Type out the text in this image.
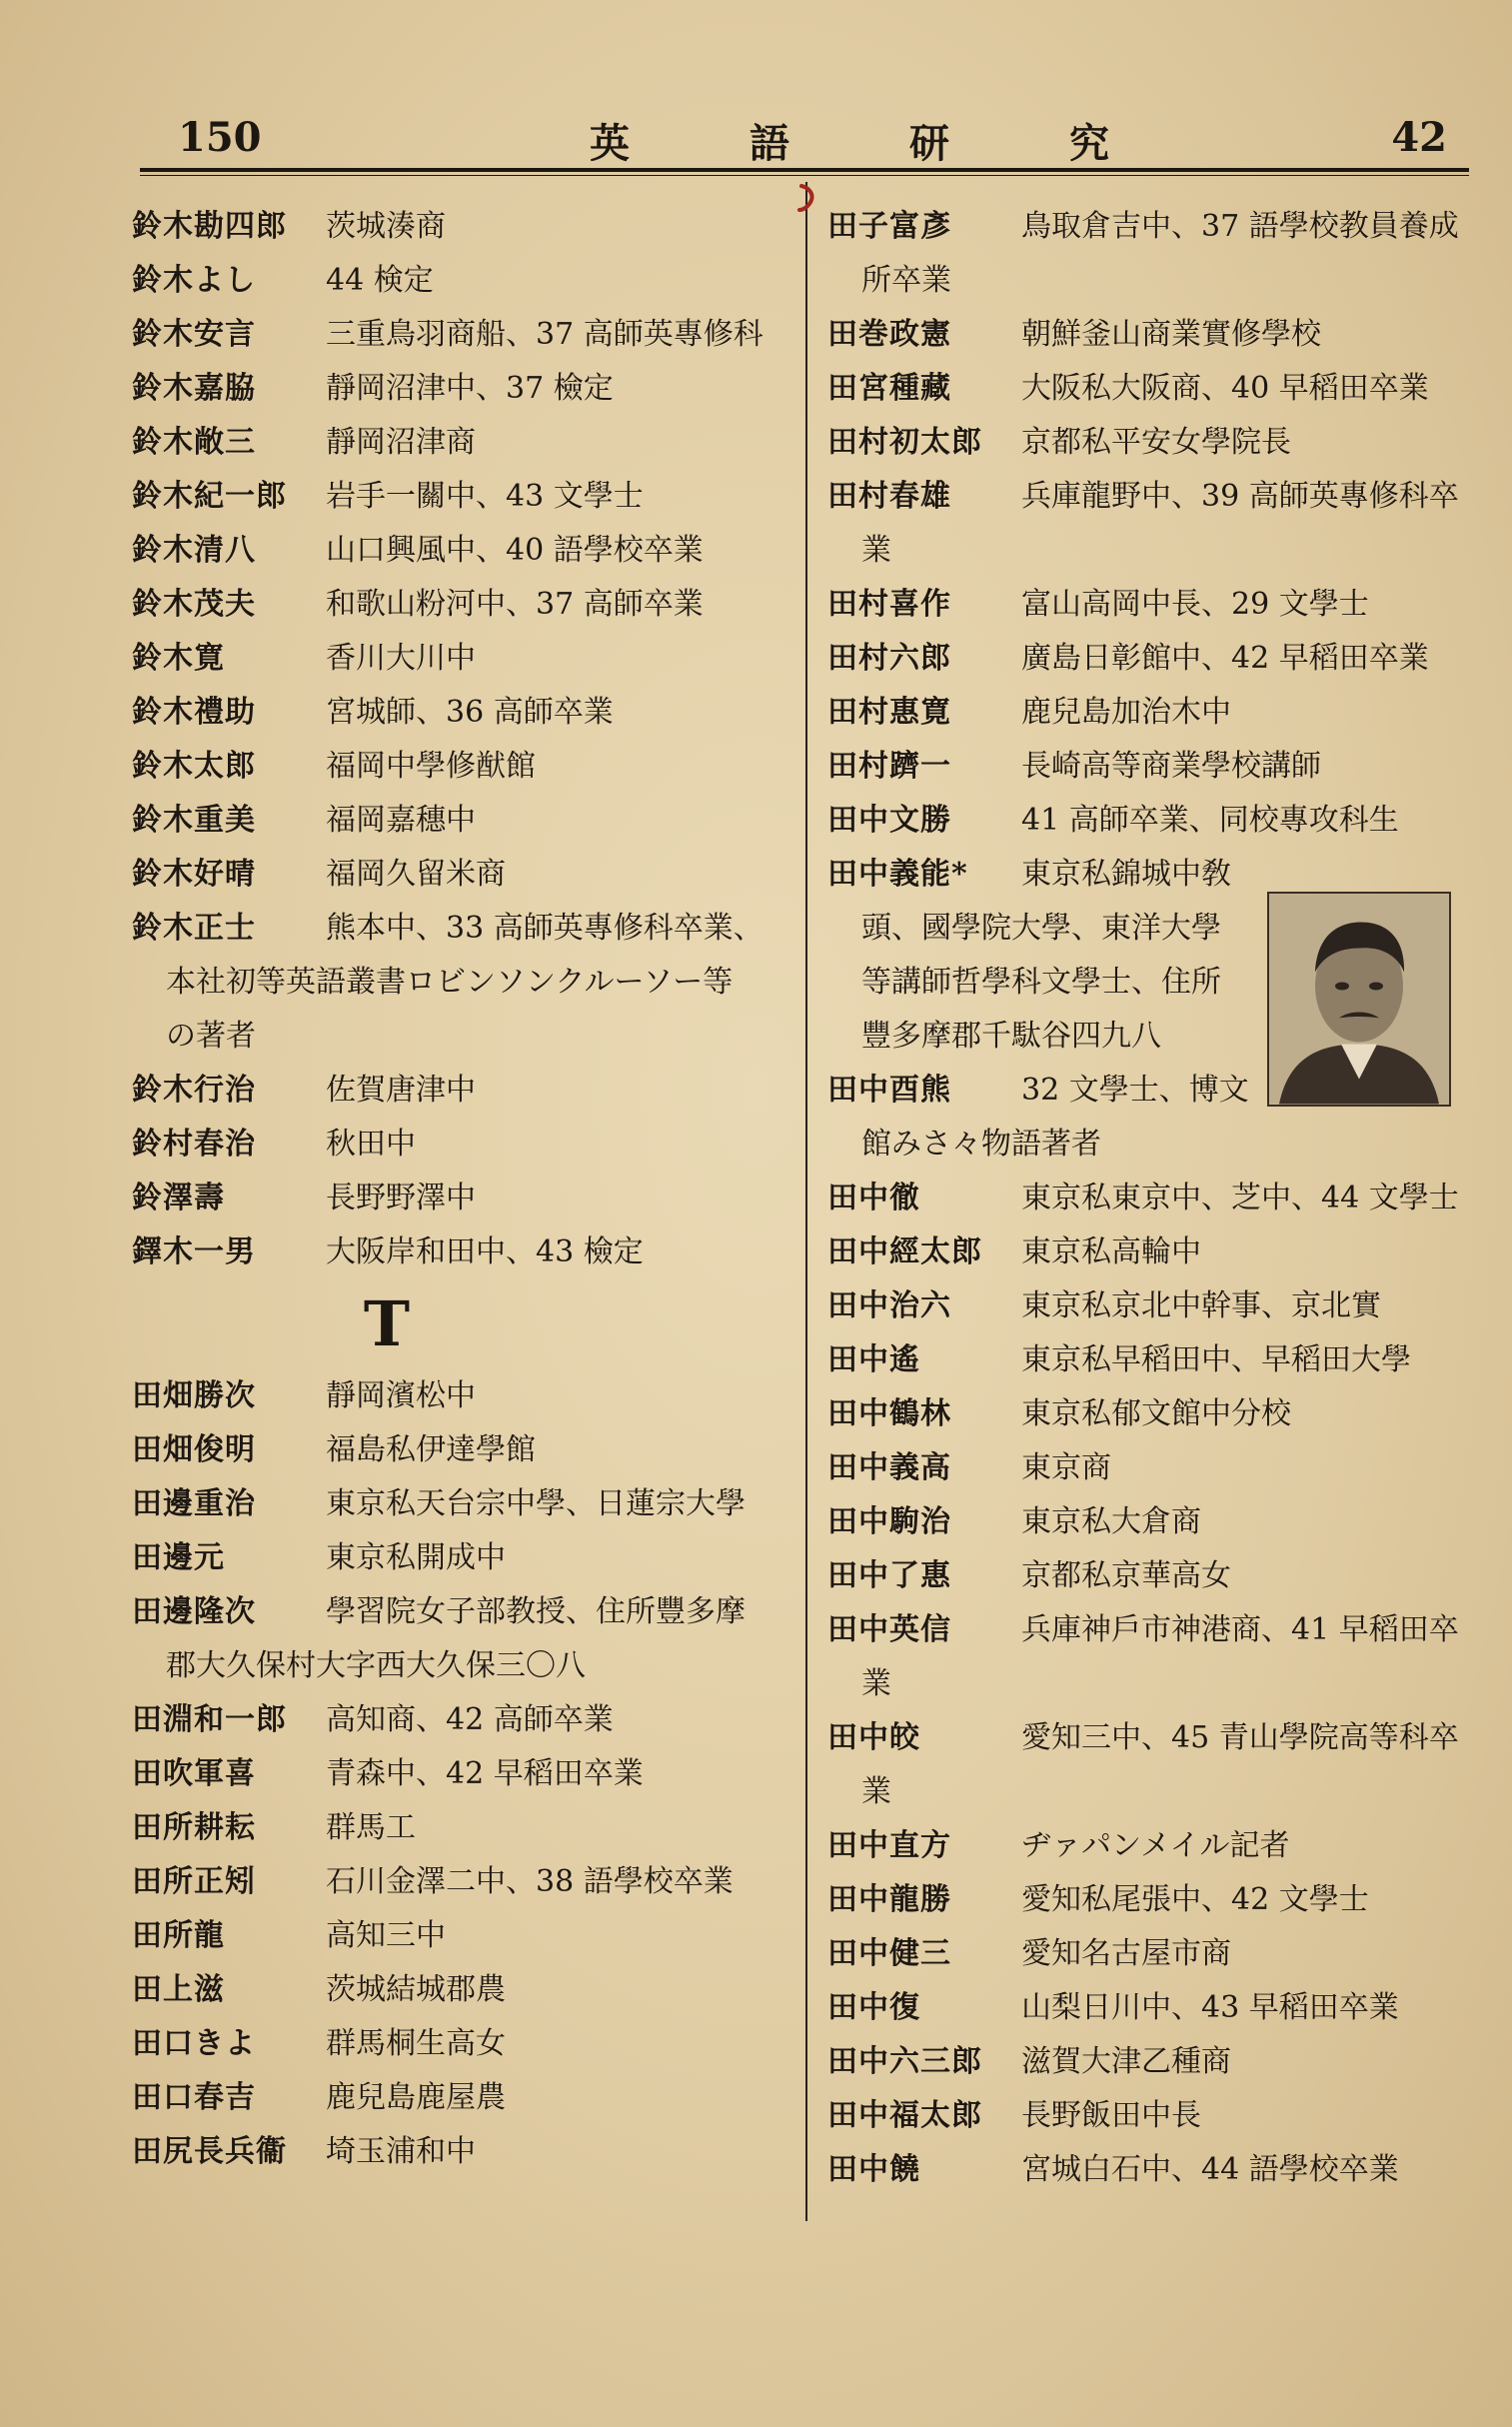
150	英	語	研	究	42
鈴木勘四郎 茨城湊商
鈴木よし 44 検定
鈴木安言 三重鳥羽商船、37 高師英專修科
鈴木嘉脇 靜岡沼津中、37 檢定
鈴木敞三 靜岡沼津商
鈴木紀一郎 岩手一關中、43 文學士
鈴木清八 山口興風中、40 語學校卒業
鈴木茂夫 和歌山粉河中、37 高師卒業
鈴木寛	香川大川中
鈴木禮助 宮城師、36 高師卒業
鈴木太郎 福岡中學修猷館
鈴木重美 福岡嘉穗中
鈴木好晴 福岡久留米商
鈴木正士 熊本中、33 高師英專修科卒業、
本社初等英語叢書ロビンソンクルーソー等
の著者
鈴木行治 佐賀唐津中
鈴村春治 秋田中
鈴澤壽	長野野澤中
鐸木一男 大阪岸和田中、43 檢定
T
田畑勝次 靜岡濱松中
田畑俊明 福島私伊達學館
田邊重治 東京私天台宗中學、日蓮宗大學
田邊元	東京私開成中
田邊隆次 學習院女子部教授、住所豐多摩
郡大久保村大字西大久保三〇八
田淵和一郎 高知商、42 高師卒業
田吹軍喜 青森中、42 早稻田卒業
田所耕耘 群馬工
田所正矧 石川金澤二中、38 語學校卒業
田所龍	高知三中
田上滋	茨城結城郡農
田口きよ 群馬桐生高女
田口春吉 鹿兒島鹿屋農
田尻長兵衞 埼玉浦和中
田子富彥 鳥取倉吉中、37 語學校教員養成
所卒業
田巻政憲 朝鮮釜山商業實修學校
田宮種藏 大阪私大阪商、40 早稻田卒業
田村初太郎 京都私平安女學院長
田村春雄 兵庫龍野中、39 高師英專修科卒
業
田村喜作 富山高岡中長、29 文學士
田村六郎 廣島日彰館中、42 早稻田卒業
田村惠寛 鹿兒島加治木中
田村躋一 長崎高等商業學校講師
田中文勝 41 高師卒業、同校專攻科生
田中義能* 東京私錦城中敎
頭、國學院大學、東洋大學
等講師哲學科文學士、住所
豐多摩郡千駄谷四九八
田中酉熊 32 文學士、博文
館みさ々物語著者
田中徹	東京私東京中、芝中、44 文學士
田中經太郎 東京私高輪中
田中治六 東京私京北中幹事、京北實
田中遙	東京私早稻田中、早稻田大學
田中鶴林 東京私郁文館中分校
田中義高 東京商
田中駒治 東京私大倉商
田中了惠 京都私京華高女
田中英信 兵庫神戶市神港商、41 早稻田卒
業
田中皎	愛知三中、45 青山學院高等科卒
業
田中直方 ヂァパンメイル記者
田中龍勝 愛知私尾張中、42 文學士
田中健三 愛知名古屋市商
田中復	山梨日川中、43 早稻田卒業
田中六三郎 滋賀大津乙種商
田中福太郎 長野飯田中長
田中饒	宮城白石中、44 語學校卒業
